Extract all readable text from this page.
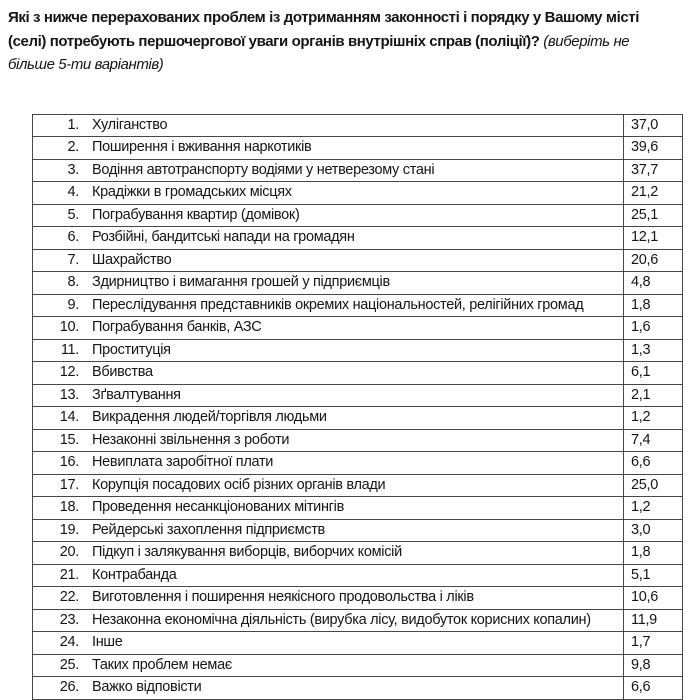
Які з нижче перерахованих проблем із дотриманням законності і порядку у Вашому місті (селі) потребують першочергової уваги органів внутрішніх справ (поліції)? (виберіть не більше 5-ти варіантів)

1. Хуліганство	37,0
2. Поширення і вживання наркотиків	39,6
3. Водіння автотранспорту водіями у нетверезому стані	37,7
4. Крадіжки в громадських місцях	21,2
5. Пограбування квартир (домівок)	25,1
6. Розбійні, бандитські напади на громадян	12,1
7. Шахрайство	20,6
8. Здирництво і вимагання грошей у підприємців	4,8
9. Переслідування представників окремих національностей, релігійних громад	1,8
10. Пограбування банків, АЗС	1,6
11. Проституція	1,3
12. Вбивства	6,1
13. Зґвалтування	2,1
14. Викрадення людей/торгівля людьми	1,2
15. Незаконні звільнення з роботи	7,4
16. Невиплата заробітної плати	6,6
17. Корупція посадових осіб різних органів влади	25,0
18. Проведення несанкціонованих мітингів	1,2
19. Рейдерські захоплення підприємств	3,0
20. Підкуп і залякування виборців, виборчих комісій	1,8
21. Контрабанда	5,1
22. Виготовлення і поширення неякісного продовольства і ліків	10,6
23. Незаконна економічна діяльність (вирубка лісу, видобуток корисних копалин)	11,9
24. Інше	1,7
25. Таких проблем немає	9,8
26. Важко відповісти	6,6
